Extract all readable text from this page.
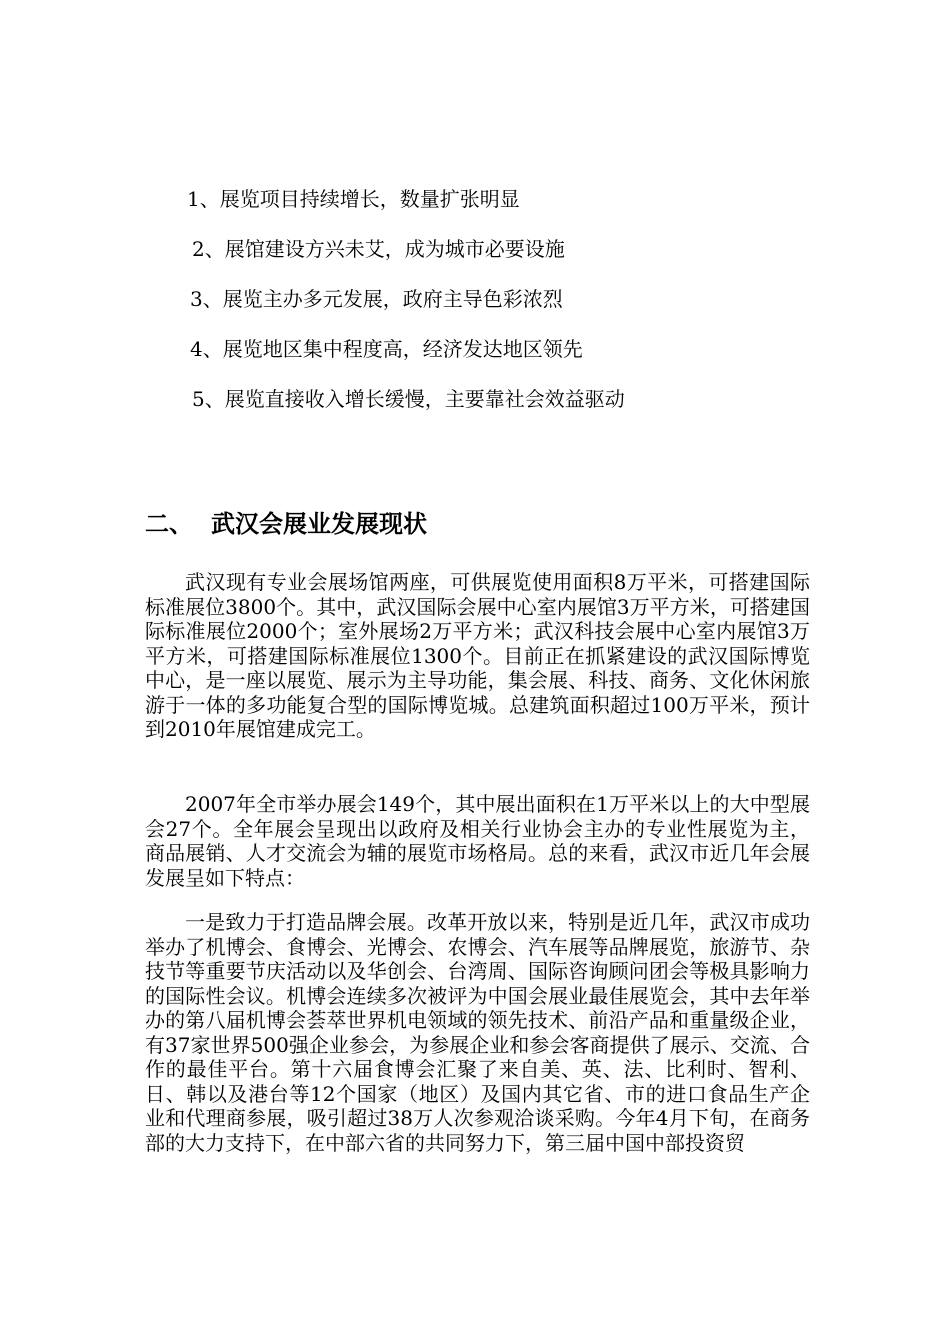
1、展览项目持续增长，数量扩张明显
2、展馆建设方兴未艾，成为城市必要设施
3、展览主办多元发展，政府主导色彩浓烈
4、展览地区集中程度高，经济发达地区领先
5、展览直接收入增长缓慢，主要靠社会效益驱动
二、 武汉会展业发展现状

武汉现有专业会展场馆两座，可供展览使用面积8万平米，可搭建国际标准展位3800个。其中，武汉国际会展中心室内展馆3万平方米，可搭建国际标准展位2000个；室外展场2万平方米；武汉科技会展中心室内展馆3万平方米，可搭建国际标准展位1300个。目前正在抓紧建设的武汉国际博览中心，是一座以展览、展示为主导功能，集会展、科技、商务、文化休闲旅游于一体的多功能复合型的国际博览城。总建筑面积超过100万平米，预计到2010年展馆建成完工。

2007年全市举办展会149个，其中展出面积在1万平米以上的大中型展会27个。全年展会呈现出以政府及相关行业协会主办的专业性展览为主，商品展销、人才交流会为辅的展览市场格局。总的来看，武汉市近几年会展发展呈如下特点：

一是致力于打造品牌会展。改革开放以来，特别是近几年，武汉市成功举办了机博会、食博会、光博会、农博会、汽车展等品牌展览，旅游节、杂技节等重要节庆活动以及华创会、台湾周、国际咨询顾问团会等极具影响力的国际性会议。机博会连续多次被评为中国会展业最佳展览会，其中去年举办的第八届机博会荟萃世界机电领域的领先技术、前沿产品和重量级企业，有37家世界500强企业参会，为参展企业和参会客商提供了展示、交流、合作的最佳平台。第十六届食博会汇聚了来自美、英、法、比利时、智利、日、韩以及港台等12个国家（地区）及国内其它省、市的进口食品生产企业和代理商参展，吸引超过38万人次参观洽谈采购。今年4月下旬，在商务部的大力支持下，在中部六省的共同努力下，第三届中国中部投资贸
